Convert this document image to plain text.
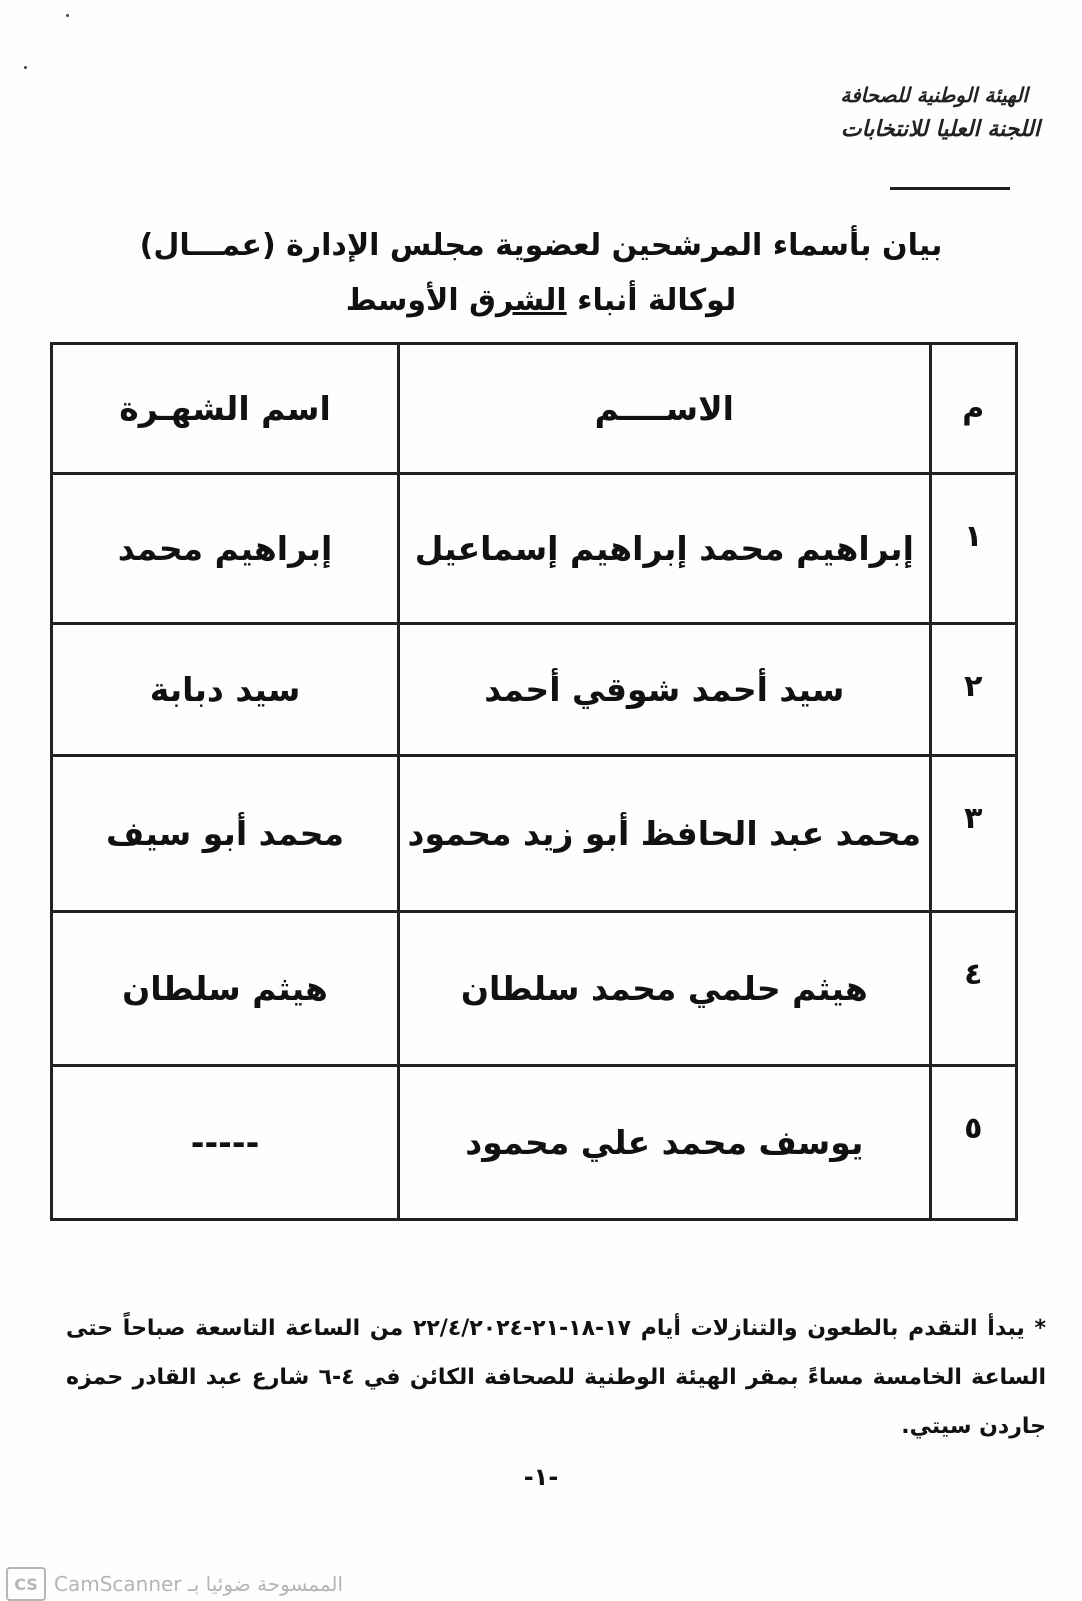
الهيئة الوطنية للصحافة
اللجنة العليا للانتخابات
بيان بأسماء المرشحين لعضوية مجلس الإدارة (عمـــال)
لوكالة أنباء الشرق الأوسط
م	الاســــم	اسم الشهـرة
١	إبراهيم محمد إبراهيم إسماعيل	إبراهيم محمد
٢	سيد أحمد شوقي أحمد	سيد دبابة
٣	محمد عبد الحافظ أبو زيد محمود	محمد أبو سيف
٤	هيثم حلمي محمد سلطان	هيثم سلطان
٥	يوسف محمد علي محمود	-----
* يبدأ التقدم بالطعون والتنازلات أيام ١٧-١٨-٢١-٢٢/٤/٢٠٢٤ من الساعة التاسعة صباحاً حتى الساعة الخامسة مساءً بمقر الهيئة الوطنية للصحافة الكائن في ٤-٦ شارع عبد القادر حمزه جاردن سيتي.
-١-
CS CamScanner الممسوحة ضوئيا بـ
